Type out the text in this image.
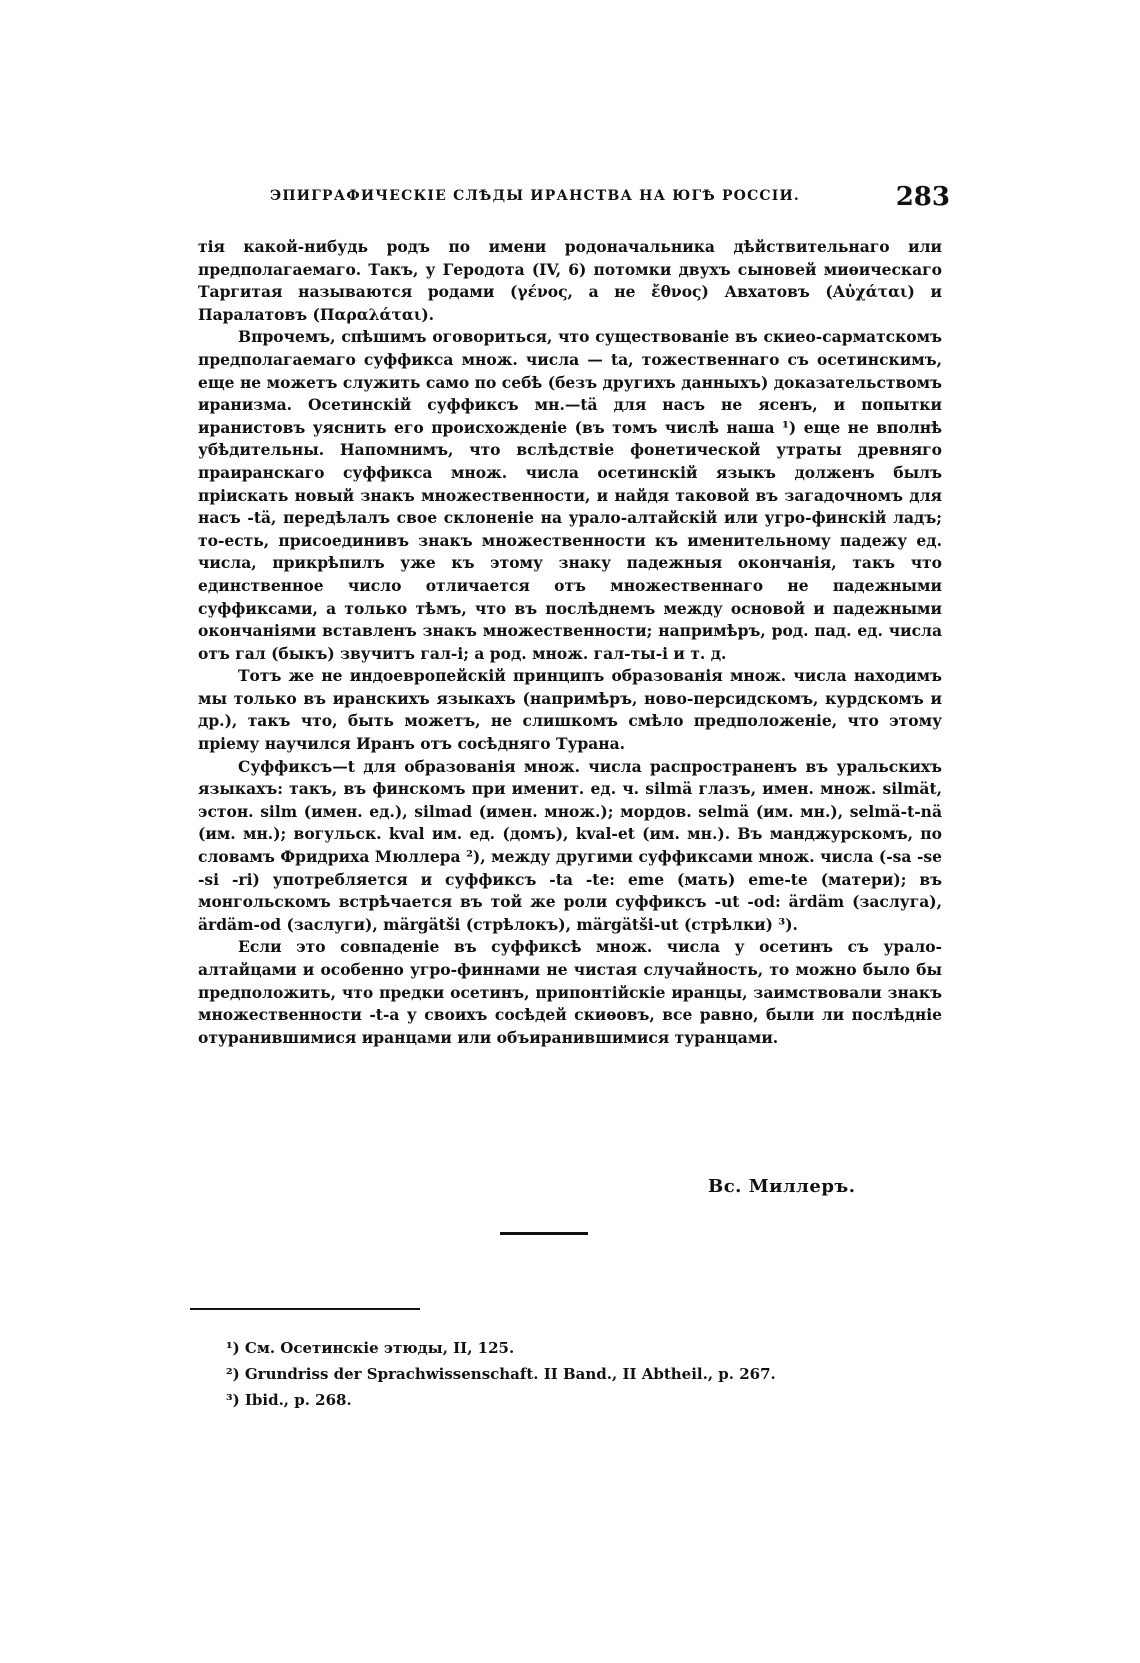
ЭПИГРАФИЧЕСКІЕ СЛѢДЫ ИРАНСТВА НА ЮГѢ РОССІИ.	283

тія какой-нибудь родъ по имени родоначальника дѣйствительнаго или предполагаемаго. Такъ, у Геродота (IV, 6) потомки двухъ сыновей миѳическаго Таргитая называются родами (γένος, а не ἔθνος) Авхатовъ (Αὐχάται) и Паралатовъ (Παραλάται).

Впрочемъ, спѣшимъ оговориться, что существованіе въ скиео-сарматскомъ предполагаемаго суффикса множ. числа — ta, тожественнаго съ осетинскимъ, еще не можетъ служить само по себѣ (безъ другихъ данныхъ) доказательствомъ иранизма. Осетинскій суффиксъ мн.—tä для насъ не ясенъ, и попытки иранистовъ уяснить его происхожденіе (въ томъ числѣ наша ¹) еще не вполнѣ убѣдительны. Напомнимъ, что вслѣдствіе фонетической утраты древняго праиранскаго суффикса множ. числа осетинскій языкъ долженъ былъ пріискать новый знакъ множественности, и найдя таковой въ загадочномъ для насъ -tä, передѣлалъ свое склоненіе на урало-алтайскій или угро-финскій ладъ; то-есть, присоединивъ знакъ множественности къ именительному падежу ед. числа, прикрѣпилъ уже къ этому знаку падежныя окончанія, такъ что единственное число отличается отъ множественнаго не падежными суффиксами, а только тѣмъ, что въ послѣднемъ между основой и падежными окончаніями вставленъ знакъ множественности; напримѣръ, род. пад. ед. числа отъ гал (быкъ) звучитъ гал-і; а род. множ. гал-ты-і и т. д.

Тотъ же не индоевропейскій принципъ образованія множ. числа находимъ мы только въ иранскихъ языкахъ (напримѣръ, ново-персидскомъ, курдскомъ и др.), такъ что, быть можетъ, не слишкомъ смѣло предположеніе, что этому пріему научился Иранъ отъ сосѣдняго Турана.

Суффиксъ—t для образованія множ. числа распространенъ въ уральскихъ языкахъ: такъ, въ финскомъ при именит. ед. ч. silmä глазъ, имен. множ. silmät, эстон. silm (имен. ед.), silmad (имен. множ.); мордов. selmä (им. мн.), selmä-t-nä (им. мн.); вогульск. kval им. ед. (домъ), kval-et (им. мн.). Въ манджурскомъ, по словамъ Фридриха Мюллера ²), между другими суффиксами множ. числа (-sa -se -si -ri) употребляется и суффиксъ -ta -te: eme (мать) eme-te (матери); въ монгольскомъ встрѣчается въ той же роли суффиксъ -ut -od: ärdäm (заслуга), ärdäm-od (заслуги), märgätši (стрѣлокъ), märgätši-ut (стрѣлки) ³).

Если это совпаденіе въ суффиксѣ множ. числа у осетинъ съ урало-алтайцами и особенно угро-финнами не чистая случайность, то можно было бы предположить, что предки осетинъ, припонтійскіе иранцы, заимствовали знакъ множественности -t-a у своихъ сосѣдей скиѳовъ, все равно, были ли послѣдніе отуранившимися иранцами или объиранившимися туранцами.

Вс. Миллеръ.
¹) См. Осетинскіе этюды, II, 125.
²) Grundriss der Sprachwissenschaft. II Band., II Abtheil., p. 267.
³) Ibid., p. 268.
